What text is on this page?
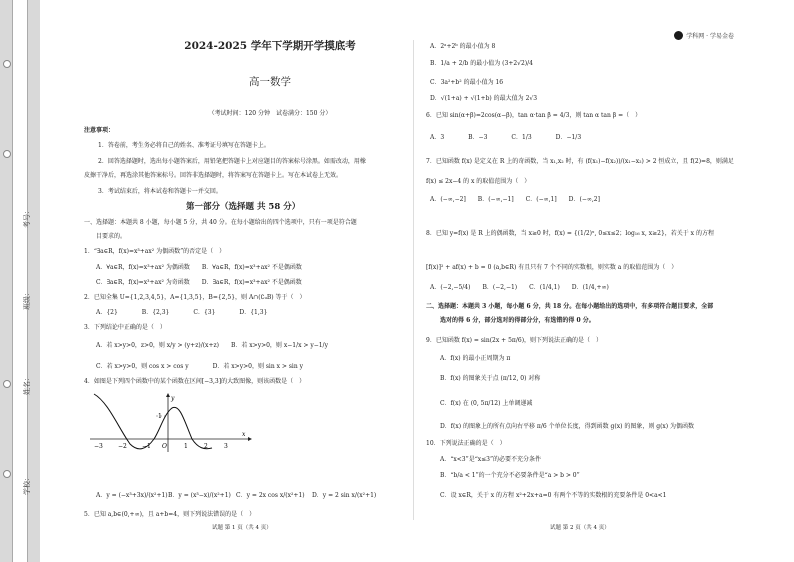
学校：
姓名：
班级：
考号：
学科网 · 学易金卷
2024-2025 学年下学期开学摸底考
高一数学
（考试时间：120 分钟　试卷满分：150 分）
注意事项：
1．答卷前，考生务必将自己的姓名、准考证号填写在答题卡上。
2．回答选择题时，选出每小题答案后，用铅笔把答题卡上对应题目的答案标号涂黑。如需改动，用橡
皮擦干净后，再选涂其他答案标号。回答非选择题时，将答案写在答题卡上。写在本试卷上无效。
3．考试结束后，将本试卷和答题卡一并交回。
第一部分（选择题 共 58 分）
一、选择题：本题共 8 小题，每小题 5 分，共 40 分。在每小题给出的四个选项中，只有一项是符合题
目要求的。
1．“∃a∈R，f(x)=x³+ax² 为偶函数”的否定是（　）
A．∀a∈R，f(x)=x³+ax² 为偶函数　　B．∀a∈R，f(x)=x³+ax² 不是偶函数
C．∃a∈R，f(x)=x³+ax² 为奇函数　　D．∃a∈R，f(x)=x³+ax² 不是偶函数
2．已知全集 U={1,2,3,4,5}，A={1,3,5}，B={2,5}，则 A∩(∁ᵤB) 等于（　）
A．{2}　　　　B．{2,3}　　　　C．{3}　　　　D．{1,3}
3．下列结论中正确的是（　）
A．若 x>y>0，z>0，则 x/y > (y+z)/(x+z)　　B．若 x>y>0，则 x−1/x > y−1/y
C．若 x>y>0，则 cos x > cos y　　　　D．若 x>y>0，则 sin x > sin y
4．如图是下列四个函数中的某个函数在区间[−3,3]的大致图像，则该函数是（　）
x
y
1
−3	−2	−1 O	1	2	3
A．y = (−x³+3x)/(x²+1) B．y = (x³−x)/(x²+1) C．y = 2x cos x/(x²+1) D．y = 2 sin x/(x²+1)
5．已知 a,b∈(0,+∞)，且 a+b=4，则下列说法错误的是（　）
试题 第 1 页（共 4 页）
A．2ᵃ+2ᵇ 的最小值为 8
B．1/a + 2/b 的最小值为 (3+2√2)/4
C．3a²+b² 的最小值为 16
D．√(1+a) + √(1+b) 的最大值为 2√3
6．已知 sin(α+β)=2cos(α−β)，tan α·tan β = 4/3，则 tan α tan β =（　）
A．3　　　　B．−3　　　　C．1/3　　　　D．−1/3
7．已知函数 f(x) 是定义在 R 上的奇函数，当 x₁,x₂ 时，有 (f(x₁)−f(x₂))/(x₁−x₂) > 2 恒成立，且 f(2)=8，则满足
f(x) ≤ 2x−4 的 x 的取值范围为（　）
A．(−∞,−2]　　B．(−∞,−1]　　C．(−∞,1]　　D．(−∞,2]
8．已知 y=f(x) 是 R 上的偶函数，当 x≥0 时，f(x) = {(1/2)ˣ, 0≤x≤2；log₁₆ x, x≥2}，若关于 x 的方程
[f(x)]² + af(x) + b = 0 (a,b∈R) 有且只有 7 个不同的实数根，则实数 a 的取值范围为（　）
A．(−2,−5/4)　　B．(−2,−1)　　C．(1/4,1)　　D．(1/4,+∞)
二、选择题：本题共 3 小题，每小题 6 分，共 18 分。在每小题给出的选项中，有多项符合题目要求，全部
选对的得 6 分，部分选对的得部分分，有选错的得 0 分。
9．已知函数 f(x) = sin(2x + 5π/6)，则下列说法正确的是（　）
A．f(x) 的最小正周期为 π
B．f(x) 的图象关于点 (π/12, 0) 对称
C．f(x) 在 (0, 5π/12) 上单调递减
D．f(x) 的图象上的所有点向右平移 π/6 个单位长度，得到函数 g(x) 的图象，则 g(x) 为偶函数
10．下列说法正确的是（　）
A．“x<3”是“x≤3”的必要不充分条件
B．“b/a < 1”的一个充分不必要条件是“a > b > 0”
C．设 x∈R，关于 x 的方程 x²+2x+a=0 有两个不等的实数根的充要条件是 0<a<1
试题 第 2 页（共 4 页）
